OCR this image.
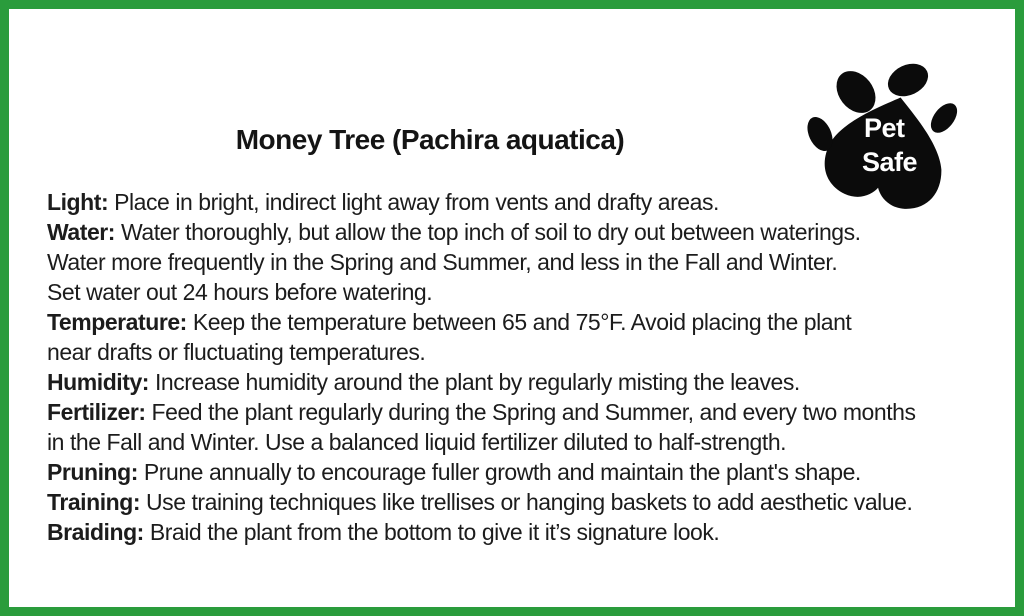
Money Tree (Pachira aquatica)	Pet
Safe
Light: Place in bright, indirect light away from vents and drafty areas.
Water: Water thoroughly, but allow the top inch of soil to dry out between waterings.
Water more frequently in the Spring and Summer, and less in the Fall and Winter.
Set water out 24 hours before watering.
Temperature: Keep the temperature between 65 and 75°F. Avoid placing the plant
near drafts or fluctuating temperatures.
Humidity: Increase humidity around the plant by regularly misting the leaves.
Fertilizer: Feed the plant regularly during the Spring and Summer, and every two months
in the Fall and Winter. Use a balanced liquid fertilizer diluted to half-strength.
Pruning: Prune annually to encourage fuller growth and maintain the plant's shape.
Training: Use training techniques like trellises or hanging baskets to add aesthetic value.
Braiding: Braid the plant from the bottom to give it it’s signature look.
